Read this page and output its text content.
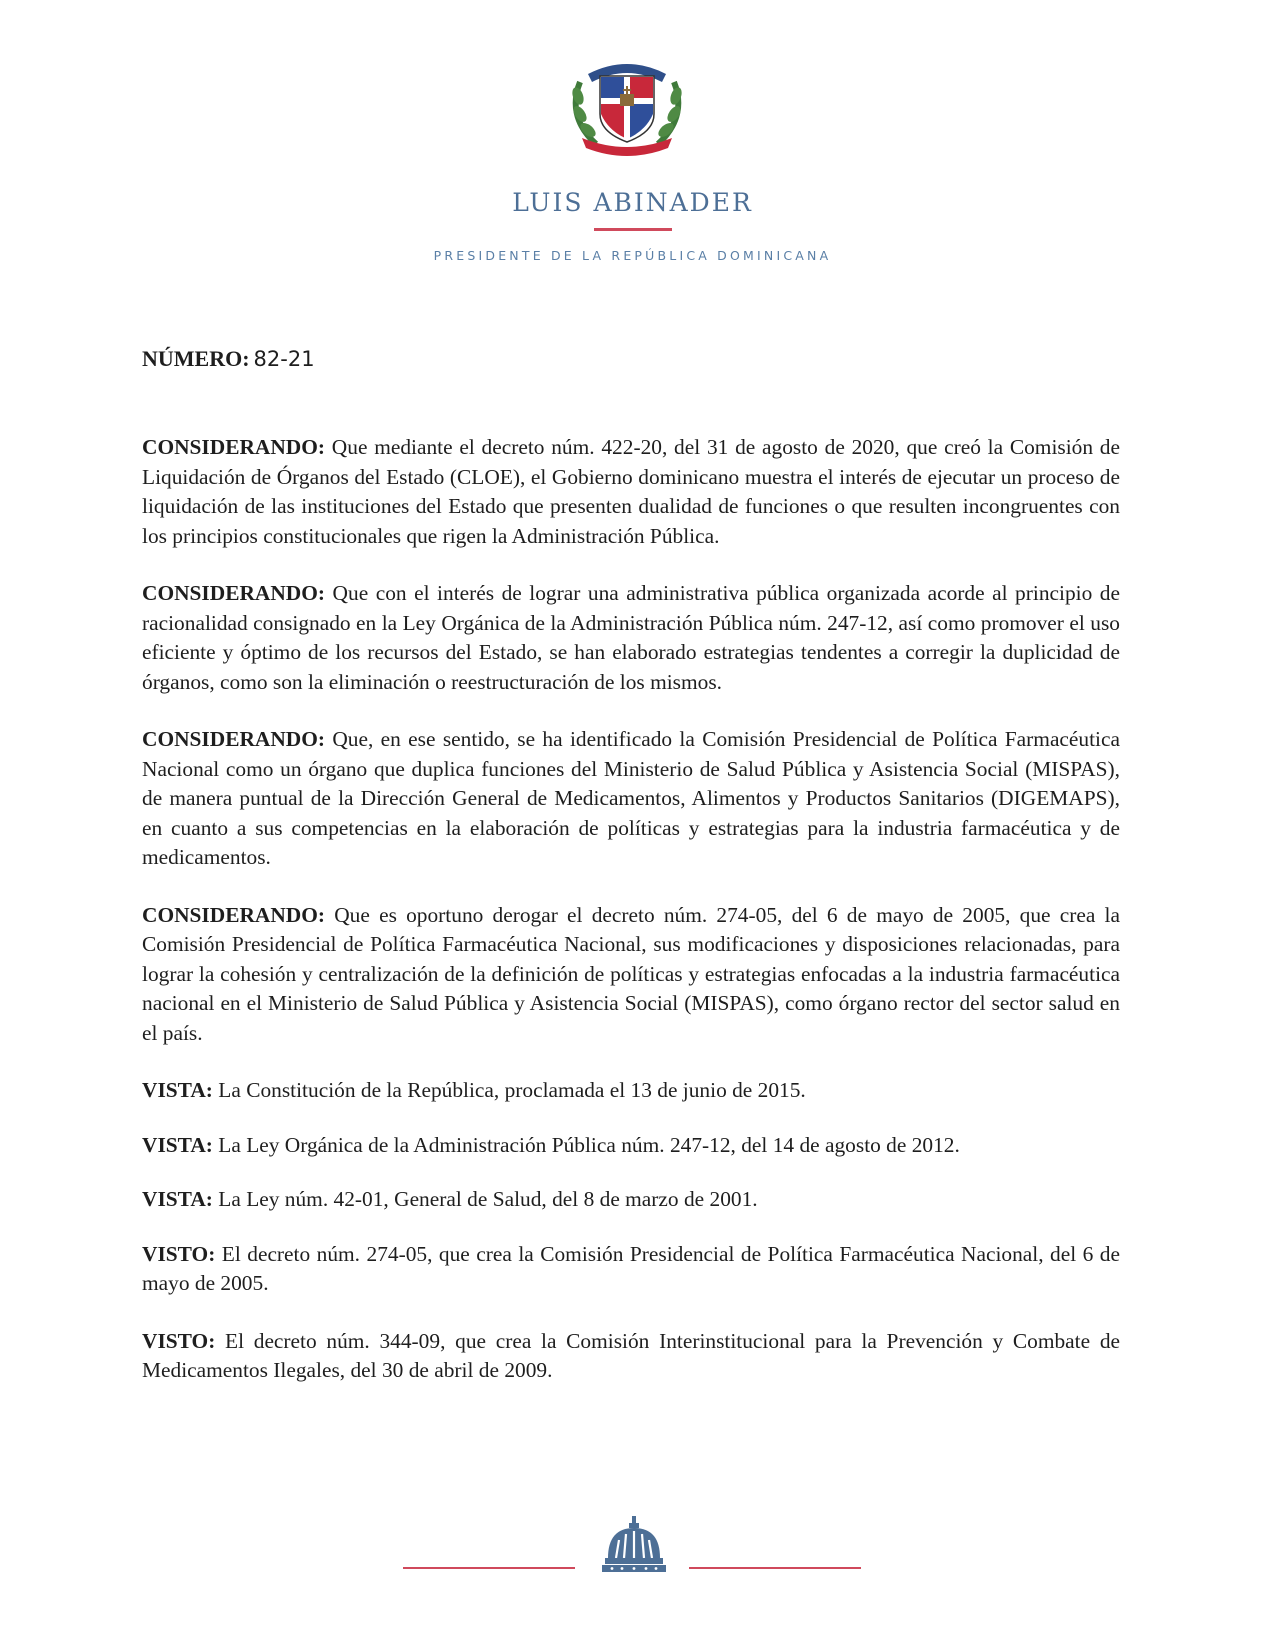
LUIS ABINADER
PRESIDENTE DE LA REPÚBLICA DOMINICANA
NÚMERO: 82-21

CONSIDERANDO: Que mediante el decreto núm. 422-20, del 31 de agosto de 2020, que creó la Comisión de Liquidación de Órganos del Estado (CLOE), el Gobierno dominicano muestra el interés de ejecutar un proceso de liquidación de las instituciones del Estado que presenten dualidad de funciones o que resulten incongruentes con los principios constitucionales que rigen la Administración Pública.

CONSIDERANDO: Que con el interés de lograr una administrativa pública organizada acorde al principio de racionalidad consignado en la Ley Orgánica de la Administración Pública núm. 247-12, así como promover el uso eficiente y óptimo de los recursos del Estado, se han elaborado estrategias tendentes a corregir la duplicidad de órganos, como son la eliminación o reestructuración de los mismos.

CONSIDERANDO: Que, en ese sentido, se ha identificado la Comisión Presidencial de Política Farmacéutica Nacional como un órgano que duplica funciones del Ministerio de Salud Pública y Asistencia Social (MISPAS), de manera puntual de la Dirección General de Medicamentos, Alimentos y Productos Sanitarios (DIGEMAPS), en cuanto a sus competencias en la elaboración de políticas y estrategias para la industria farmacéutica y de medicamentos.

CONSIDERANDO: Que es oportuno derogar el decreto núm. 274-05, del 6 de mayo de 2005, que crea la Comisión Presidencial de Política Farmacéutica Nacional, sus modificaciones y disposiciones relacionadas, para lograr la cohesión y centralización de la definición de políticas y estrategias enfocadas a la industria farmacéutica nacional en el Ministerio de Salud Pública y Asistencia Social (MISPAS), como órgano rector del sector salud en el país.

VISTA: La Constitución de la República, proclamada el 13 de junio de 2015.

VISTA: La Ley Orgánica de la Administración Pública núm. 247-12, del 14 de agosto de 2012.

VISTA: La Ley núm. 42-01, General de Salud, del 8 de marzo de 2001.

VISTO: El decreto núm. 274-05, que crea la Comisión Presidencial de Política Farmacéutica Nacional, del 6 de mayo de 2005.

VISTO: El decreto núm. 344-09, que crea la Comisión Interinstitucional para la Prevención y Combate de Medicamentos Ilegales, del 30 de abril de 2009.
